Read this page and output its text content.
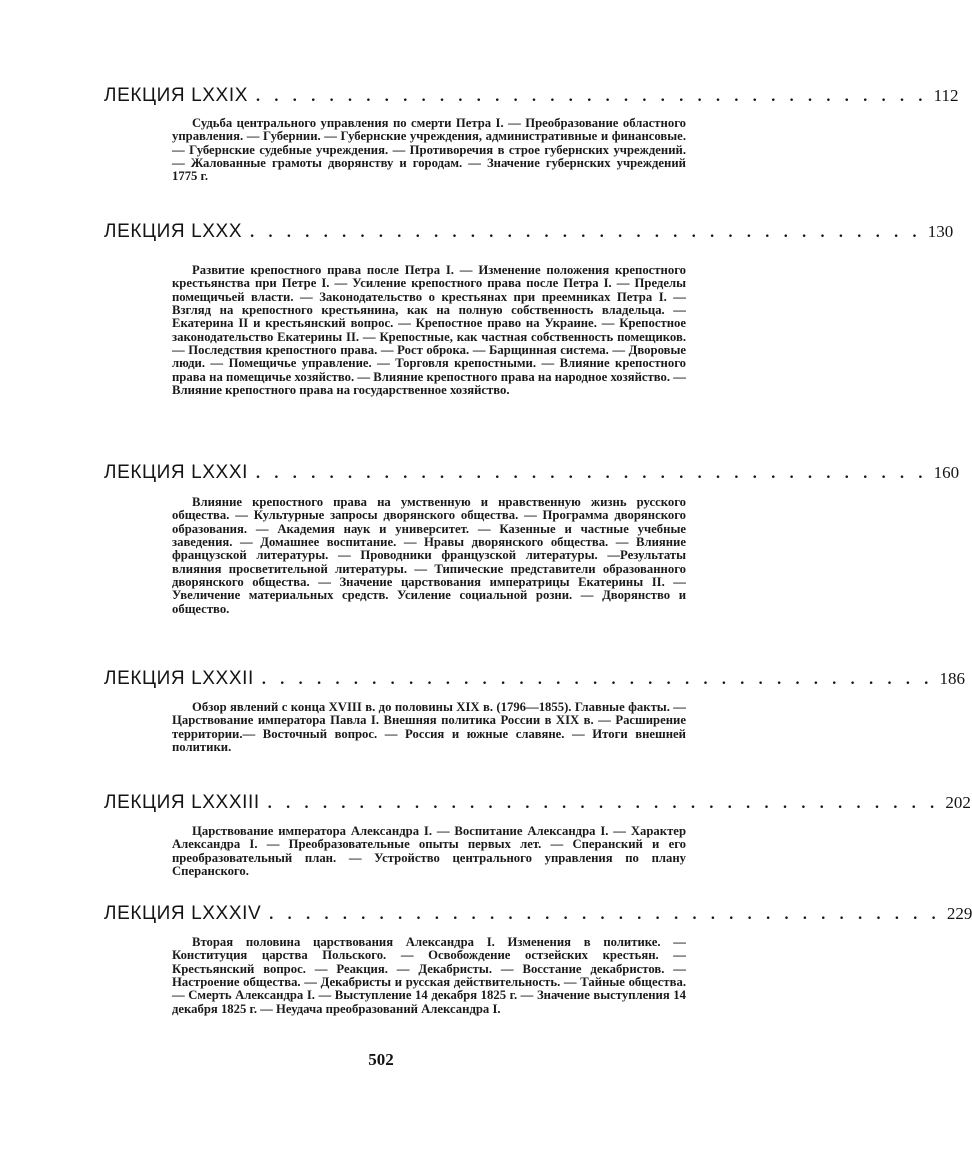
ЛЕКЦИЯ LXXIX . . . . . . . . . . . . . . . . . . . . . . . . . . . . . . . . . . . . . 112

Судьба центрального управления по смерти Петра I. — Преобразование областного управления. — Губернии. — Губернские учреждения, административные и финансовые. — Губернские судебные учреждения. — Противоречия в строе губернских учреждений. — Жалованные грамоты дворянству и городам. — Значение губернских учреждений 1775 г.

ЛЕКЦИЯ LXXX . . . . . . . . . . . . . . . . . . . . . . . . . . . . . . . . . . . . . 130

Развитие крепостного права после Петра I. — Изменение положения крепостного крестьянства при Петре I. — Усиление крепостного права после Петра I. — Пределы помещичьей власти. — Законодательство о крестьянах при преемниках Петра I. — Взгляд на крепостного крестьянина, как на полную собственность владельца. — Екатерина II и крестьянский вопрос. — Крепостное право на Украине. — Крепостное законодательство Екатерины II. — Крепостные, как частная собственность помещиков. — Последствия крепостного права. — Рост оброка. — Барщинная система. — Дворовые люди. — Помещичье управление. — Торговля крепостными. — Влияние крепостного права на помещичье хозяйство. — Влияние крепостного права на народное хозяйство. — Влияние крепостного права на государственное хозяйство.

ЛЕКЦИЯ LXXXI . . . . . . . . . . . . . . . . . . . . . . . . . . . . . . . . . . . . . 160

Влияние крепостного права на умственную и нравственную жизнь русского общества. — Культурные запросы дворянского общества. — Программа дворянского образования. — Академия наук и университет. — Казенные и частные учебные заведения. — Домашнее воспитание. — Нравы дворянского общества. — Влияние французской литературы. — Проводники французской литературы. —Результаты влияния просветительной литературы. — Типические представители образованного дворянского общества. — Значение царствования императрицы Екатерины II. — Увеличение материальных средств. Усиление социальной розни. — Дворянство и общество.

ЛЕКЦИЯ LXXXII . . . . . . . . . . . . . . . . . . . . . . . . . . . . . . . . . . . . . 186

Обзор явлений с конца XVIII в. до половины XIX в. (1796—1855). Главные факты. — Царствование императора Павла I. Внешняя политика России в XIX в. — Расширение территории.— Восточный вопрос. — Россия и южные славяне. — Итоги внешней политики.

ЛЕКЦИЯ LXXXIII . . . . . . . . . . . . . . . . . . . . . . . . . . . . . . . . . . . . . 202

Царствование императора Александра I. — Воспитание Александра I. — Характер Александра I. — Преобразовательные опыты первых лет. — Сперанский и его преобразовательный план. — Устройство центрального управления по плану Сперанского.

ЛЕКЦИЯ LXXXIV . . . . . . . . . . . . . . . . . . . . . . . . . . . . . . . . . . . . . 229

Вторая половина царствования Александра I. Изменения в политике. — Конституция царства Польского. — Освобождение остзейских крестьян. — Крестьянский вопрос. — Реакция. — Декабристы. — Восстание декабристов. — Настроение общества. — Декабристы и русская действительность. — Тайные общества. — Смерть Александра I. — Выступление 14 декабря 1825 г. — Значение выступления 14 декабря 1825 г. — Неудача преобразований Александра I.

502
